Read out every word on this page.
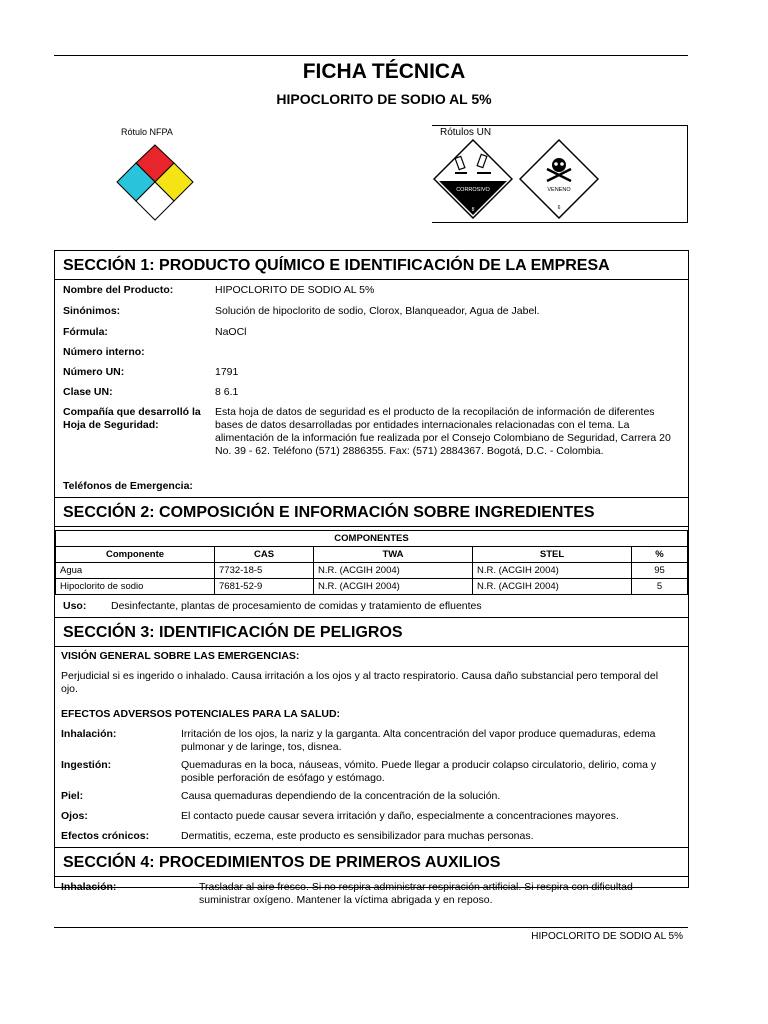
FICHA TÉCNICA
HIPOCLORITO DE SODIO AL 5%
Rótulo NFPA	Rótulos UN
CORROSIVO
8
VENENO
6
SECCIÓN 1: PRODUCTO QUÍMICO E IDENTIFICACIÓN DE LA EMPRESA
Nombre del Producto:	HIPOCLORITO DE SODIO AL 5%
Sinónimos:	Solución de hipoclorito de sodio, Clorox, Blanqueador, Agua de Jabel.
Fórmula:	NaOCl
Número interno:
Número UN:	1791
Clase UN:	8 6.1
Compañía que desarrolló la Hoja de Seguridad:
Esta hoja de datos de seguridad es el producto de la recopilación de información de diferentes bases de datos desarrolladas por entidades internacionales relacionadas con el tema. La alimentación de la información fue realizada por el Consejo Colombiano de Seguridad, Carrera 20 No. 39 - 62. Teléfono (571) 2886355. Fax: (571) 2884367. Bogotá, D.C. - Colombia.
Teléfonos de Emergencia:
SECCIÓN 2: COMPOSICIÓN E INFORMACIÓN SOBRE INGREDIENTES
COMPONENTES				
Componente	CAS	TWA	STEL	%
Agua	7732-18-5	N.R. (ACGIH 2004)	N.R. (ACGIH 2004)	95
Hipoclorito de sodio	7681-52-9	N.R. (ACGIH 2004)	N.R. (ACGIH 2004)	5
Uso: Desinfectante, plantas de procesamiento de comidas y tratamiento de efluentes
SECCIÓN 3: IDENTIFICACIÓN DE PELIGROS
VISIÓN GENERAL SOBRE LAS EMERGENCIAS:
Perjudicial si es ingerido o inhalado. Causa irritación a los ojos y al tracto respiratorio. Causa daño substancial pero temporal del ojo.
EFECTOS ADVERSOS POTENCIALES PARA LA SALUD:
Inhalación:	Irritación de los ojos, la nariz y la garganta. Alta concentración del vapor produce quemaduras, edema pulmonar y de laringe, tos, disnea.
Ingestión:	Quemaduras en la boca, náuseas, vómito. Puede llegar a producir colapso circulatorio, delirio, coma y posible perforación de esófago y estómago.
Piel:	Causa quemaduras dependiendo de la concentración de la solución.
Ojos:	El contacto puede causar severa irritación y daño, especialmente a concentraciones mayores.
Efectos crónicos:	Dermatitis, eczema, este producto es sensibilizador para muchas personas.
SECCIÓN 4: PROCEDIMIENTOS DE PRIMEROS AUXILIOS
Inhalación:	Trasladar al aire fresco. Si no respira administrar respiración artificial. Si respira con dificultad suministrar oxígeno. Mantener la víctima abrigada y en reposo.
HIPOCLORITO DE SODIO AL 5%
